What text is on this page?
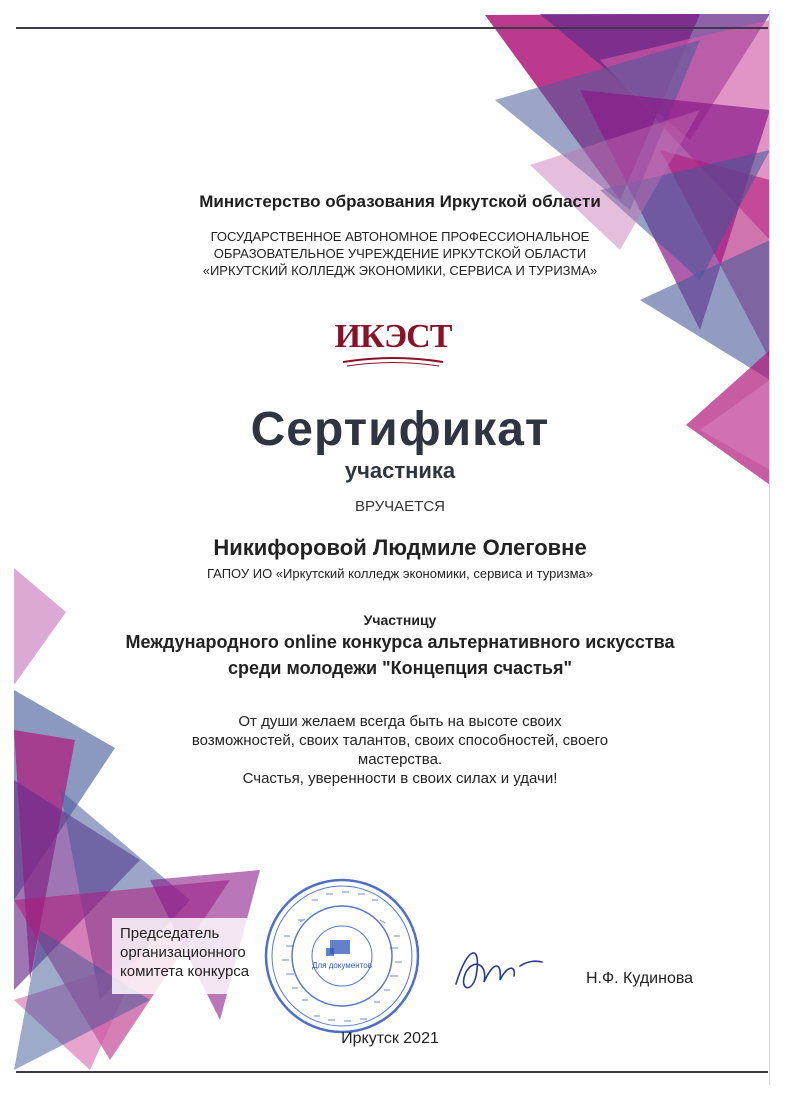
Министерство образования Иркутской области
ГОСУДАРСТВЕННОЕ АВТОНОМНОЕ ПРОФЕССИОНАЛЬНОЕ
ОБРАЗОВАТЕЛЬНОЕ УЧРЕЖДЕНИЕ ИРКУТСКОЙ ОБЛАСТИ
«ИРКУТСКИЙ КОЛЛЕДЖ ЭКОНОМИКИ, СЕРВИСА И ТУРИЗМА»
ИКЭСТ
Сертификат
участника
ВРУЧАЕТСЯ
Никифоровой Людмиле Олеговне
ГАПОУ ИО «Иркутский колледж экономики, сервиса и туризма»
Участницу
Международного online конкурса альтернативного искусства
среди молодежи "Концепция счастья"
От души желаем всегда быть на высоте своих
возможностей, своих талантов, своих способностей, своего
мастерства.
Счастья, уверенности в своих силах и удачи!
Председатель
организационного
комитета конкурса	Для документов
Н.Ф. Кудинова
Иркутск 2021
